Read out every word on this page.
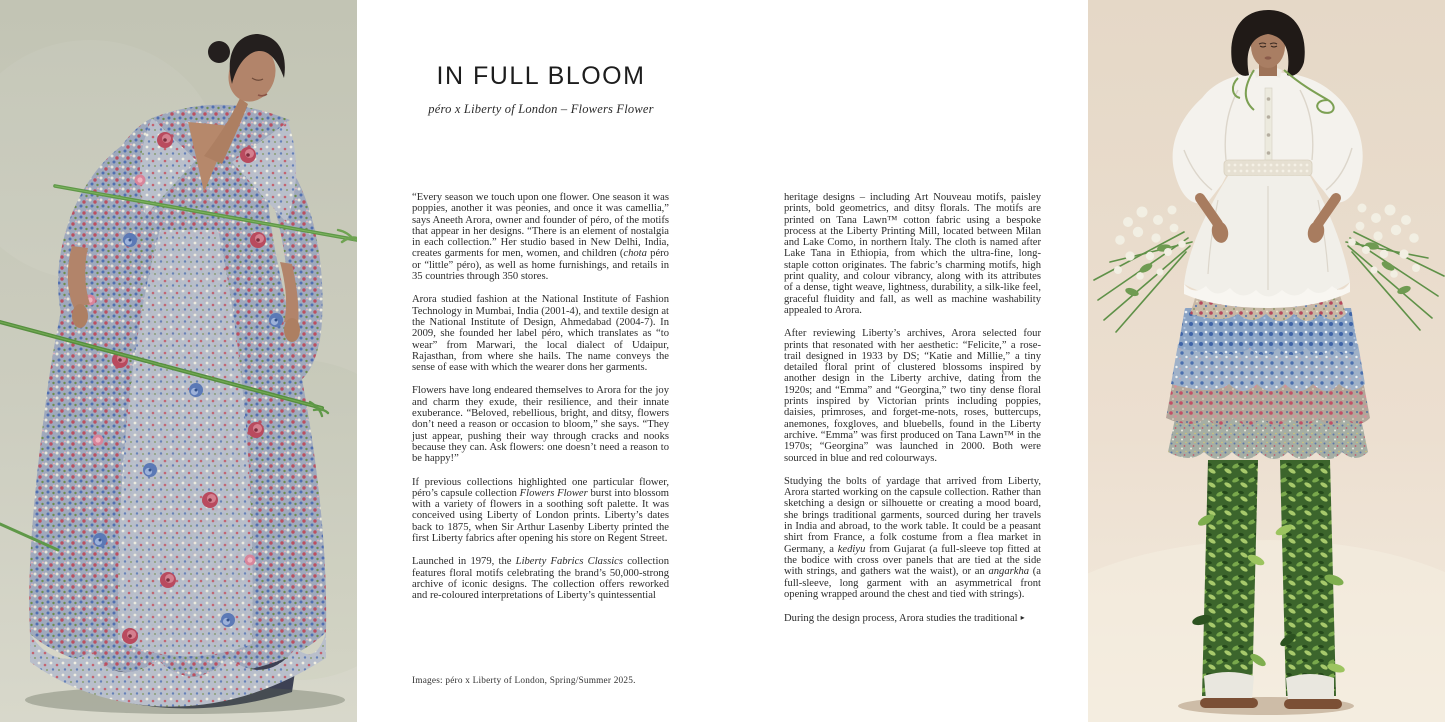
IN FULL BLOOM

péro x Liberty of London – Flowers Flower

“Every season we touch upon one flower. One season it was poppies, another it was peonies, and once it was camellia,” says Aneeth Arora, owner and founder of péro, of the motifs that appear in her designs. “There is an element of nostalgia in each collection.” Her studio based in New Delhi, India, creates garments for men, women, and children (chota péro or “little” péro), as well as home furnishings, and retails in 35 countries through 350 stores.

Arora studied fashion at the National Institute of Fashion Technology in Mumbai, India (2001-4), and textile design at the National Institute of Design, Ahmedabad (2004-7). In 2009, she founded her label péro, which translates as “to wear” from Marwari, the local dialect of Udaipur, Rajasthan, from where she hails. The name conveys the sense of ease with which the wearer dons her garments.

Flowers have long endeared themselves to Arora for the joy and charm they exude, their resilience, and their innate exuberance. “Beloved, rebellious, bright, and ditsy, flowers don’t need a reason or occasion to bloom,” she says. “They just appear, pushing their way through cracks and nooks because they can. Ask flowers: one doesn’t need a reason to be happy!”

If previous collections highlighted one particular flower, péro’s capsule collection Flowers Flower burst into blossom with a variety of flowers in a soothing soft palette. It was conceived using Liberty of London prints. Liberty’s dates back to 1875, when Sir Arthur Lasenby Liberty printed the first Liberty fabrics after opening his store on Regent Street.

Launched in 1979, the Liberty Fabrics Classics collection features floral motifs celebrating the brand’s 50,000-strong archive of iconic designs. The collection offers reworked and re-coloured interpretations of Liberty’s quintessential

heritage designs – including Art Nouveau motifs, paisley prints, bold geometrics, and ditsy florals. The motifs are printed on Tana Lawn™ cotton fabric using a bespoke process at the Liberty Printing Mill, located between Milan and Lake Como, in northern Italy. The cloth is named after Lake Tana in Ethiopia, from which the ultra-fine, long-staple cotton originates. The fabric’s charming motifs, high print quality, and colour vibrancy, along with its attributes of a dense, tight weave, lightness, durability, a silk-like feel, graceful fluidity and fall, as well as machine washability appealed to Arora.

After reviewing Liberty’s archives, Arora selected four prints that resonated with her aesthetic: “Felicite,” a rose-trail designed in 1933 by DS; “Katie and Millie,” a tiny detailed floral print of clustered blossoms inspired by another design in the Liberty archive, dating from the 1920s; and “Emma” and “Georgina,” two tiny dense floral prints inspired by Victorian prints including poppies, daisies, primroses, and forget-me-nots, roses, buttercups, anemones, foxgloves, and bluebells, found in the Liberty archive. “Emma” was first produced on Tana Lawn™ in the 1970s; “Georgina” was launched in 2000. Both were sourced in blue and red colourways.

Studying the bolts of yardage that arrived from Liberty, Arora started working on the capsule collection. Rather than sketching a design or silhouette or creating a mood board, she brings traditional garments, sourced during her travels in India and abroad, to the work table. It could be a peasant shirt from France, a folk costume from a flea market in Germany, a kediyu from Gujarat (a full-sleeve top fitted at the bodice with cross over panels that are tied at the side with strings, and gathers wat the waist), or an angarkha (a full-sleeve, long garment with an asymmetrical front opening wrapped around the chest and tied with strings).

During the design process, Arora studies the traditional ▸

Images: péro x Liberty of London, Spring/Summer 2025.
